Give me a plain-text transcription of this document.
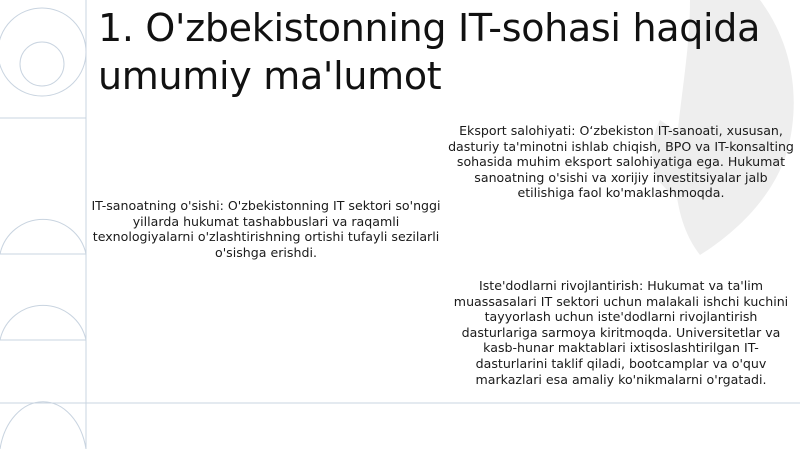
1. O'zbekistonning IT-sohasi haqida umumiy ma'lumot

IT-sanoatning o'sishi: O'zbekistonning IT sektori so'nggi yillarda hukumat tashabbuslari va raqamli texnologiyalarni o'zlashtirishning ortishi tufayli sezilarli o'sishga erishdi.

Eksport salohiyati: O‘zbekiston IT-sanoati, xususan, dasturiy ta'minotni ishlab chiqish, BPO va IT-konsalting sohasida muhim eksport salohiyatiga ega. Hukumat sanoatning o'sishi va xorijiy investitsiyalar jalb etilishiga faol ko'maklashmoqda.

Iste'dodlarni rivojlantirish: Hukumat va ta'lim muassasalari IT sektori uchun malakali ishchi kuchini tayyorlash uchun iste'dodlarni rivojlantirish dasturlariga sarmoya kiritmoqda. Universitetlar va kasb-hunar maktablari ixtisoslashtirilgan IT-dasturlarini taklif qiladi, bootcamplar va o'quv markazlari esa amaliy ko'nikmalarni o'rgatadi.
